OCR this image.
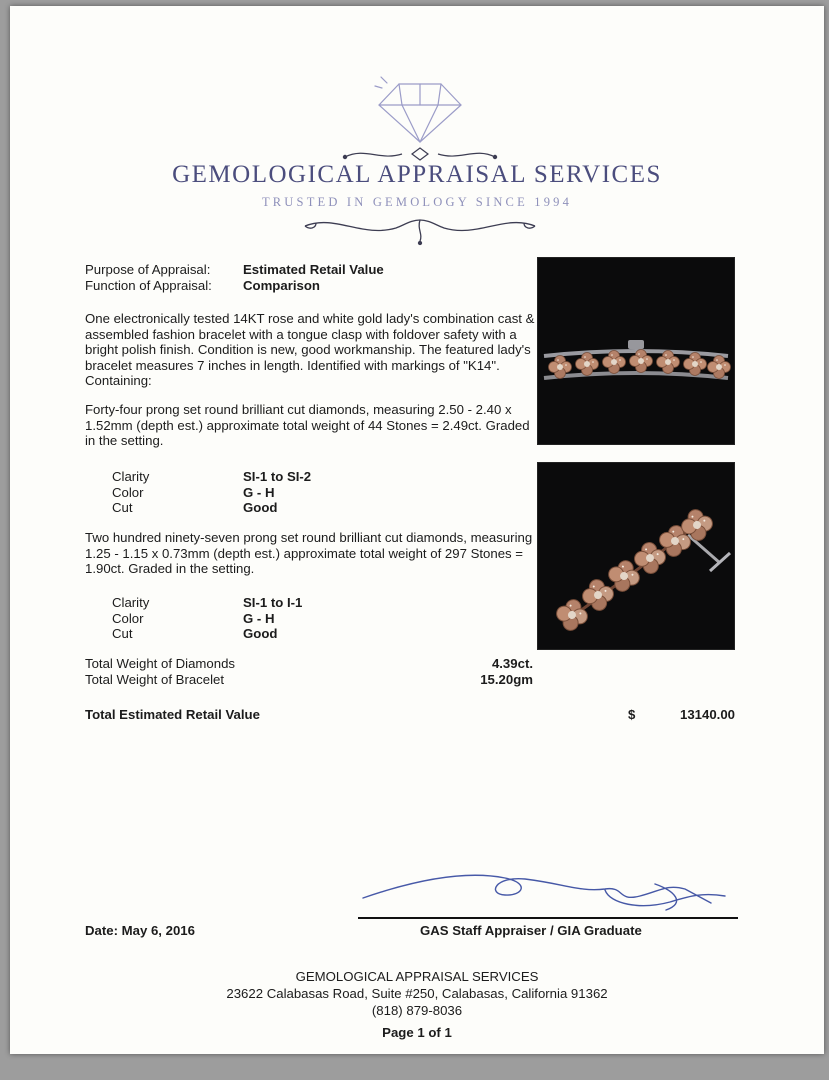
GEMOLOGICAL APPRAISAL SERVICES
TRUSTED IN GEMOLOGY SINCE 1994
Purpose of Appraisal: Estimated Retail Value
Function of Appraisal: Comparison
One electronically tested 14KT rose and white gold lady's combination cast & assembled fashion bracelet with a tongue clasp with foldover safety with a bright polish finish. Condition is new, good workmanship. The featured lady's bracelet measures 7 inches in length. Identified with markings of "K14". Containing:
Forty-four prong set round brilliant cut diamonds, measuring 2.50 - 2.40 x 1.52mm (depth est.) approximate total weight of 44 Stones = 2.49ct. Graded in the setting.
Clarity	SI-1 to SI-2
Color	G - H
Cut	Good
Two hundred ninety-seven prong set round brilliant cut diamonds, measuring 1.25 - 1.15 x 0.73mm (depth est.) approximate total weight of 297 Stones = 1.90ct. Graded in the setting.
Clarity	SI-1 to I-1
Color	G - H
Cut	Good
Total Weight of Diamonds	4.39ct.
Total Weight of Bracelet	15.20gm
Total Estimated Retail Value	$	13140.00
Date: May 6, 2016	GAS Staff Appraiser / GIA Graduate
GEMOLOGICAL APPRAISAL SERVICES
23622 Calabasas Road, Suite #250, Calabasas, California 91362
(818) 879-8036
Page 1 of 1
